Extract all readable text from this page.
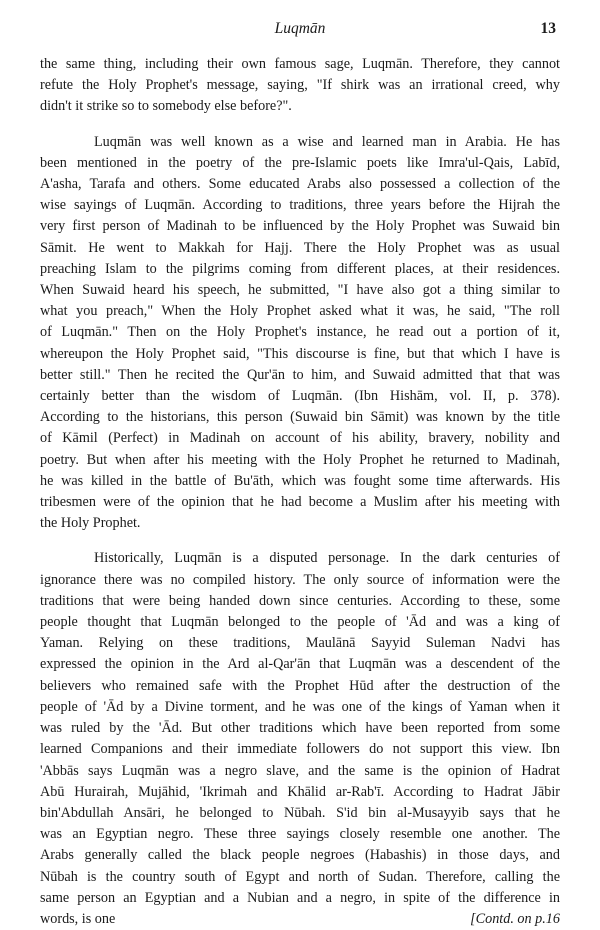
Luqmān	13
the same thing, including their own famous sage, Luqmān. Therefore, they cannot
refute the Holy Prophet's message, saying, "If shirk was an irrational creed, why
didn't it strike so to somebody else before?".
Luqmān was well known as a wise and learned man in Arabia. He has
been mentioned in the poetry of the pre-Islamic poets like Imra'ul-Qais, Labīd,
A'asha, Tarafa and others. Some educated Arabs also possessed a collection of the
wise sayings of Luqmān. According to traditions, three years before the Hijrah the
very first person of Madinah to be influenced by the Holy Prophet was Suwaid bin
Sāmit. He went to Makkah for Hajj. There the Holy Prophet was as usual
preaching Islam to the pilgrims coming from different places, at their residences.
When Suwaid heard his speech, he submitted, "I have also got a thing similar to
what you preach," When the Holy Prophet asked what it was, he said, "The roll
of Luqmān." Then on the Holy Prophet's instance, he read out a portion of it,
whereupon the Holy Prophet said, "This discourse is fine, but that which I have is
better still." Then he recited the Qur'ān to him, and Suwaid admitted that that was
certainly better than the wisdom of Luqmān. (Ibn Hishām, vol. II, p. 378).
According to the historians, this person (Suwaid bin Sāmit) was known by the title
of Kāmil (Perfect) in Madinah on account of his ability, bravery, nobility and
poetry. But when after his meeting with the Holy Prophet he returned to Madinah,
he was killed in the battle of Bu'āth, which was fought some time afterwards. His
tribesmen were of the opinion that he had become a Muslim after his meeting with
the Holy Prophet.
Historically, Luqmān is a disputed personage. In the dark centuries of
ignorance there was no compiled history. The only source of information were the
traditions that were being handed down since centuries. According to these, some
people thought that Luqmān belonged to the people of 'Ād and was a king of
Yaman. Relying on these traditions, Maulānā Sayyid Suleman Nadvi has
expressed the opinion in the Ard al-Qar'ān that Luqmān was a descendent of the
believers who remained safe with the Prophet Hūd after the destruction of the
people of 'Ād by a Divine torment, and he was one of the kings of Yaman when it
was ruled by the 'Ād. But other traditions which have been reported from some
learned Companions and their immediate followers do not support this view. Ibn
'Abbās says Luqmān was a negro slave, and the same is the opinion of Hadrat
Abū Hurairah, Mujāhid, 'Ikrimah and Khālid ar-Rab'ī. According to Hadrat Jābir
bin'Abdullah Ansāri, he belonged to Nūbah. S'id bin al-Musayyib says that he
was an Egyptian negro. These three sayings closely resemble one another. The
Arabs generally called the black people negroes (Habashis) in those days, and
Nūbah is the country south of Egypt and north of Sudan. Therefore, calling the
same person an Egyptian and a Nubian and a negro, in spite of the difference in
words, is one	[Contd. on p.16
